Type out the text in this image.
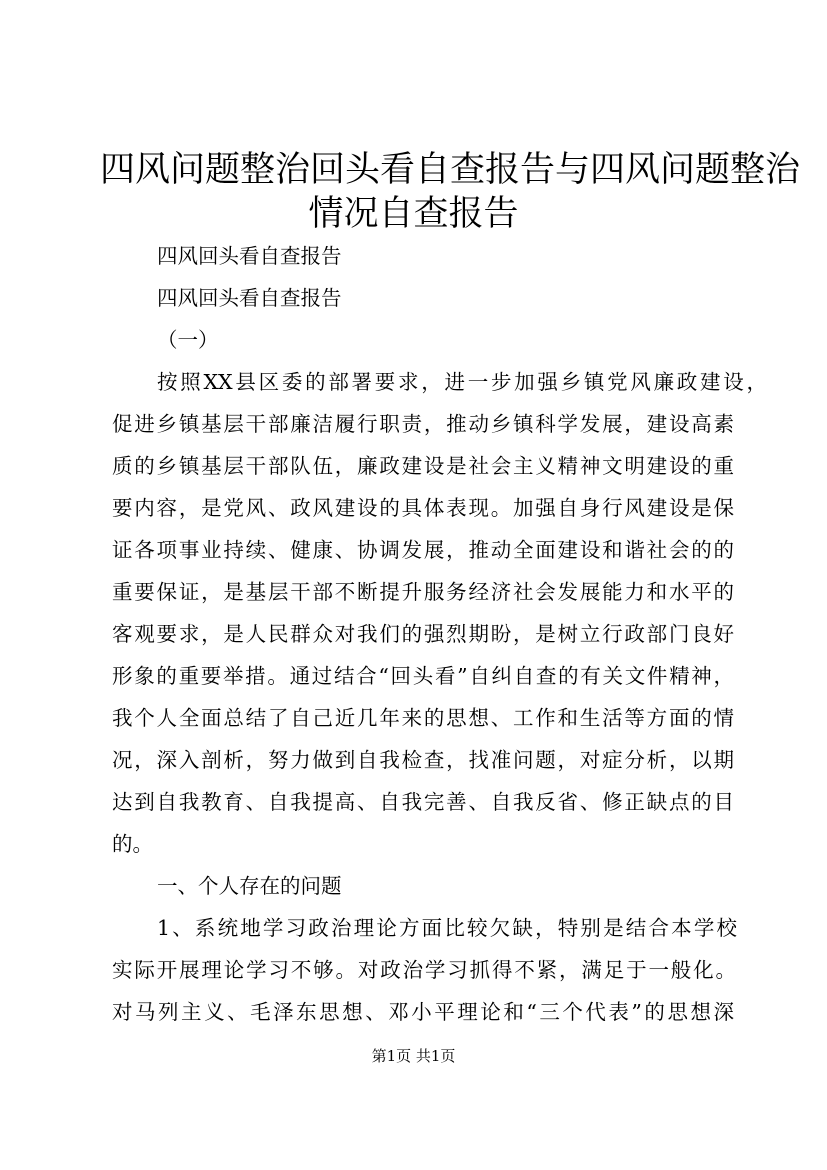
四风问题整治回头看自查报告与四风问题整治
情况自查报告
四风回头看自查报告
四风回头看自查报告
（一）
按照XX县区委的部署要求，进一步加强乡镇党风廉政建设，
促进乡镇基层干部廉洁履行职责，推动乡镇科学发展，建设高素
质的乡镇基层干部队伍，廉政建设是社会主义精神文明建设的重
要内容，是党风、政风建设的具体表现。加强自身行风建设是保
证各项事业持续、健康、协调发展，推动全面建设和谐社会的的
重要保证，是基层干部不断提升服务经济社会发展能力和水平的
客观要求，是人民群众对我们的强烈期盼，是树立行政部门良好
形象的重要举措。通过结合“回头看”自纠自查的有关文件精神，
我个人全面总结了自己近几年来的思想、工作和生活等方面的情
况，深入剖析，努力做到自我检查，找准问题，对症分析，以期
达到自我教育、自我提高、自我完善、自我反省、修正缺点的目
的。
一、个人存在的问题
1、系统地学习政治理论方面比较欠缺，特别是结合本学校
实际开展理论学习不够。对政治学习抓得不紧，满足于一般化。
对马列主义、毛泽东思想、邓小平理论和“三个代表”的思想深
第1页 共1页
